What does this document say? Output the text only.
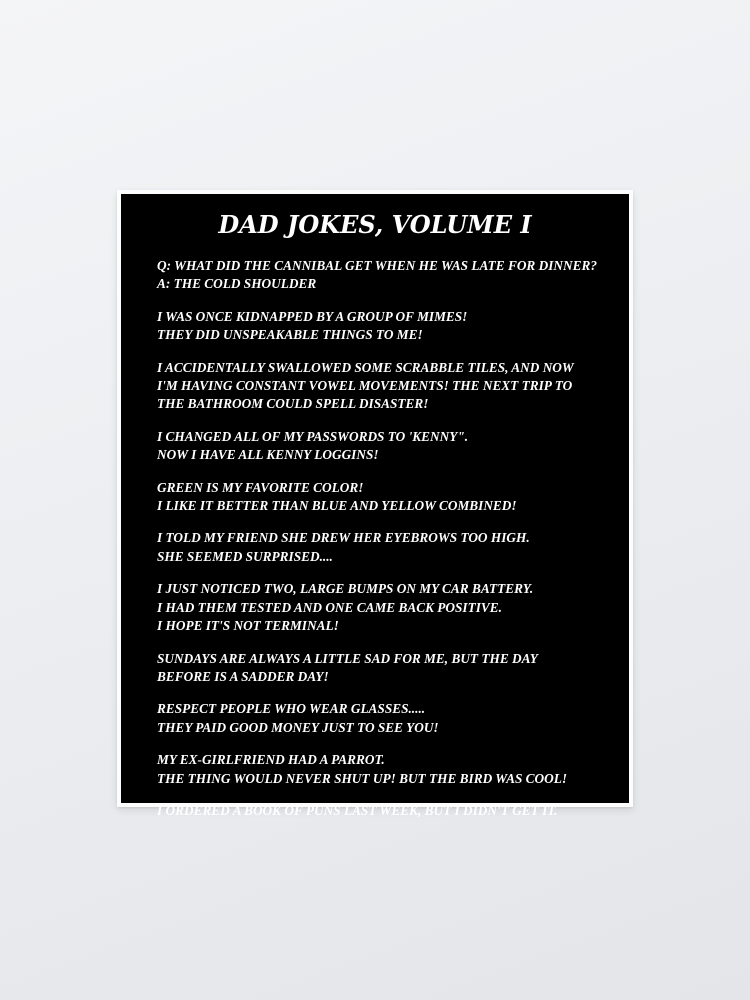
DAD JOKES, VOLUME I
Q: WHAT DID THE CANNIBAL GET WHEN HE WAS LATE FOR DINNER?
A: THE COLD SHOULDER
I WAS ONCE KIDNAPPED BY A GROUP OF MIMES!
THEY DID UNSPEAKABLE THINGS TO ME!
I ACCIDENTALLY SWALLOWED SOME SCRABBLE TILES, AND NOW
I'M HAVING CONSTANT VOWEL MOVEMENTS! THE NEXT TRIP TO
THE BATHROOM COULD SPELL DISASTER!
I CHANGED ALL OF MY PASSWORDS TO 'KENNY".
NOW I HAVE ALL KENNY LOGGINS!
GREEN IS MY FAVORITE COLOR!
I LIKE IT BETTER THAN BLUE AND YELLOW COMBINED!
I TOLD MY FRIEND SHE DREW HER EYEBROWS TOO HIGH.
SHE SEEMED SURPRISED....
I JUST NOTICED TWO, LARGE BUMPS ON MY CAR BATTERY.
I HAD THEM TESTED AND ONE CAME BACK POSITIVE.
I HOPE IT'S NOT TERMINAL!
SUNDAYS ARE ALWAYS A LITTLE SAD FOR ME, BUT THE DAY
BEFORE IS A SADDER DAY!
RESPECT PEOPLE WHO WEAR GLASSES.....
THEY PAID GOOD MONEY JUST TO SEE YOU!
MY EX-GIRLFRIEND HAD A PARROT.
THE THING WOULD NEVER SHUT UP! BUT THE BIRD WAS COOL!
I ORDERED A BOOK OF PUNS LAST WEEK, BUT I DIDN'T GET IT.
